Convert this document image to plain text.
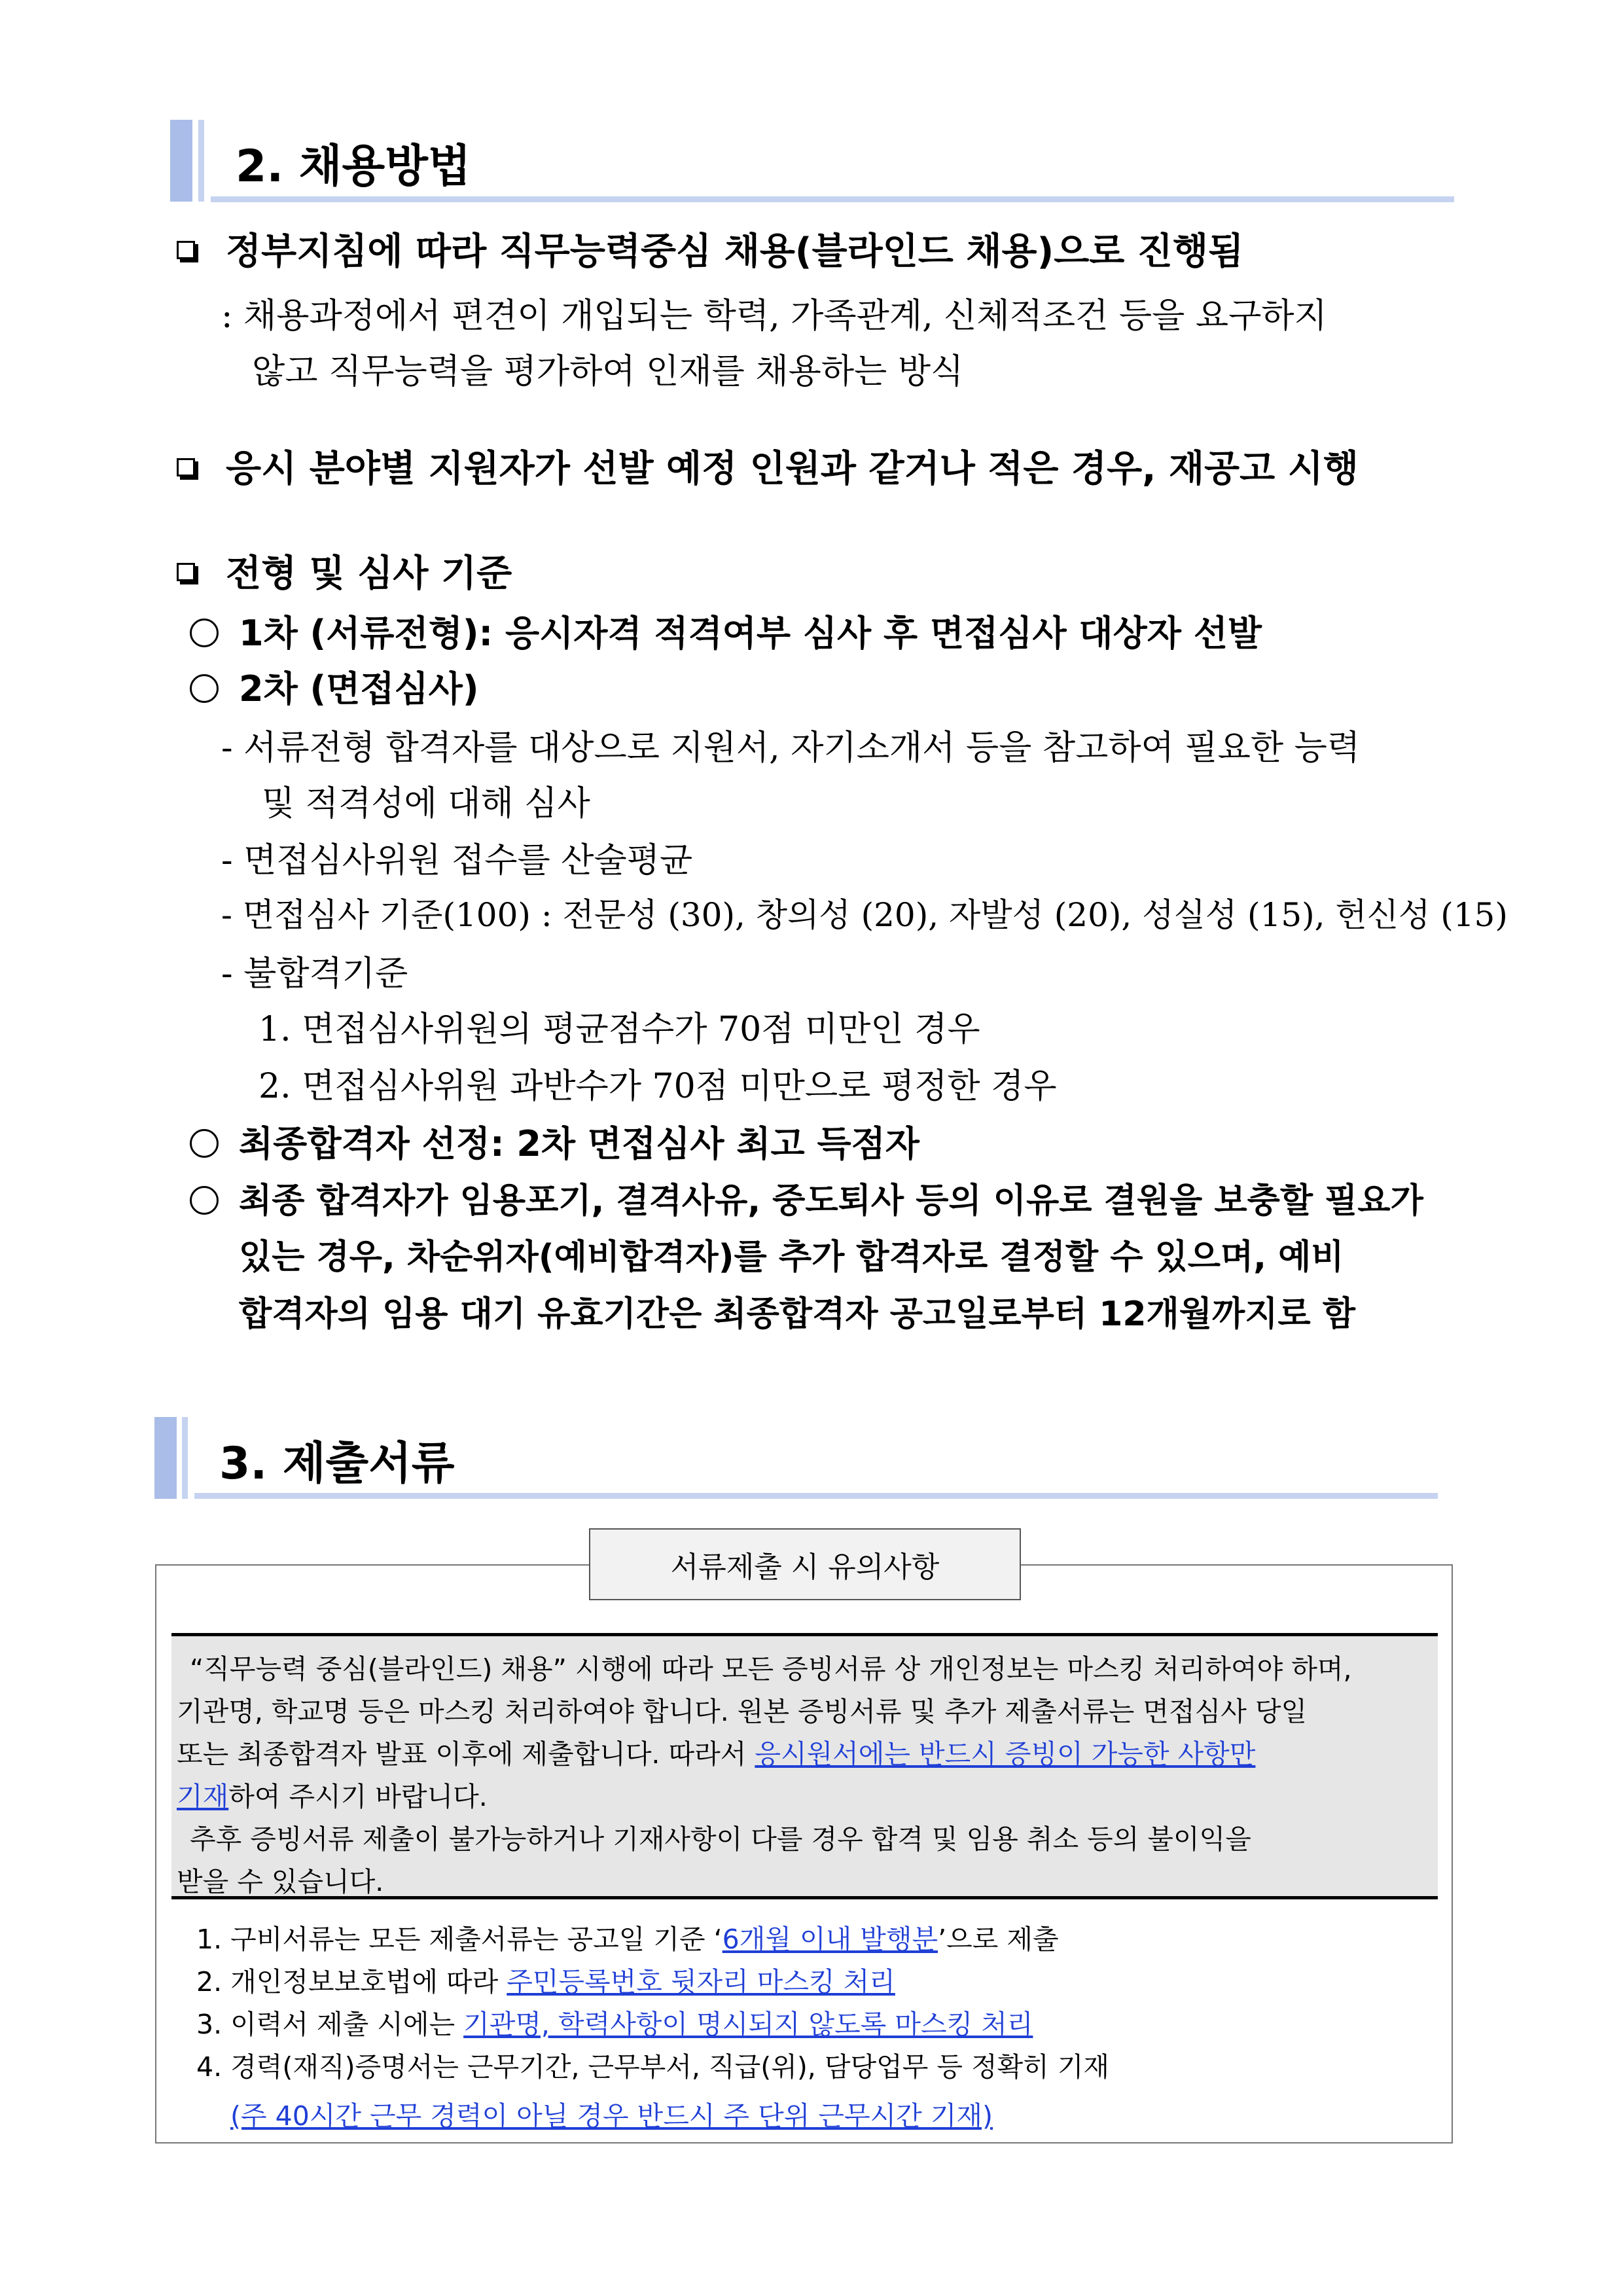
2. 채용방법
정부지침에 따라 직무능력중심 채용(블라인드 채용)으로 진행됨
: 채용과정에서 편견이 개입되는 학력, 가족관계, 신체적조건 등을 요구하지
않고 직무능력을 평가하여 인재를 채용하는 방식
응시 분야별 지원자가 선발 예정 인원과 같거나 적은 경우, 재공고 시행
전형 및 심사 기준
1차 (서류전형): 응시자격 적격여부 심사 후 면접심사 대상자 선발
2차 (면접심사)
- 서류전형 합격자를 대상으로 지원서, 자기소개서 등을 참고하여 필요한 능력
및 적격성에 대해 심사
- 면접심사위원 접수를 산술평균
- 면접심사 기준(100) : 전문성 (30), 창의성 (20), 자발성 (20), 성실성 (15), 헌신성 (15)
- 불합격기준
1. 면접심사위원의 평균점수가 70점 미만인 경우
2. 면접심사위원 과반수가 70점 미만으로 평정한 경우
최종합격자 선정: 2차 면접심사 최고 득점자
최종 합격자가 임용포기, 결격사유, 중도퇴사 등의 이유로 결원을 보충할 필요가
있는 경우, 차순위자(예비합격자)를 추가 합격자로 결정할 수 있으며, 예비
합격자의 임용 대기 유효기간은 최종합격자 공고일로부터 12개월까지로 함
3. 제출서류
서류제출 시 유의사항
“직무능력 중심(블라인드) 채용” 시행에 따라 모든 증빙서류 상 개인정보는 마스킹 처리하여야 하며,
기관명, 학교명 등은 마스킹 처리하여야 합니다. 원본 증빙서류 및 추가 제출서류는 면접심사 당일
또는 최종합격자 발표 이후에 제출합니다. 따라서 응시원서에는 반드시 증빙이 가능한 사항만
기재하여 주시기 바랍니다.
추후 증빙서류 제출이 불가능하거나 기재사항이 다를 경우 합격 및 임용 취소 등의 불이익을
받을 수 있습니다.
1. 구비서류는 모든 제출서류는 공고일 기준 ‘6개월 이내 발행분’으로 제출
2. 개인정보보호법에 따라 주민등록번호 뒷자리 마스킹 처리
3. 이력서 제출 시에는 기관명, 학력사항이 명시되지 않도록 마스킹 처리
4. 경력(재직)증명서는 근무기간, 근무부서, 직급(위), 담당업무 등 정확히 기재
(주 40시간 근무 경력이 아닐 경우 반드시 주 단위 근무시간 기재)
